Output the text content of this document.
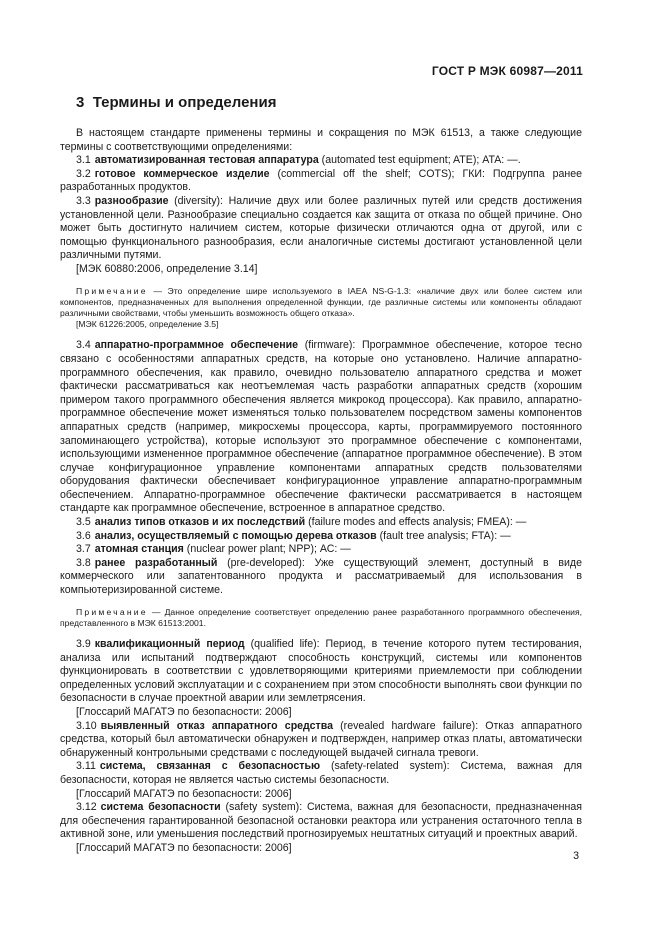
ГОСТ Р МЭК 60987—2011
3 Термины и определения

В настоящем стандарте применены термины и сокращения по МЭК 61513, а также следующие термины с соответствующими определениями:

3.1 автоматизированная тестовая аппаратура (automated test equipment; ATE); ATA: —.

3.2 готовое коммерческое изделие (commercial off the shelf; COTS); ГКИ: Подгруппа ранее разработанных продуктов.

3.3 разнообразие (diversity): Наличие двух или более различных путей или средств достижения установленной цели. Разнообразие специально создается как защита от отказа по общей причине. Оно может быть достигнуто наличием систем, которые физически отличаются одна от другой, или с помощью функционального разнообразия, если аналогичные системы достигают установленной цели различными путями.

[МЭК 60880:2006, определение 3.14]

Примечание — Это определение шире используемого в IAEA NS-G-1.3: «наличие двух или более систем или компонентов, предназначенных для выполнения определенной функции, где различные системы или компоненты обладают различными свойствами, чтобы уменьшить возможность общего отказа».

[МЭК 61226:2005, определение 3.5]

3.4 аппаратно-программное обеспечение (firmware): Программное обеспечение, которое тесно связано с особенностями аппаратных средств, на которые оно установлено. Наличие аппаратно-программного обеспечения, как правило, очевидно пользователю аппаратного средства и может фактически рассматриваться как неотъемлемая часть разработки аппаратных средств (хорошим примером такого программного обеспечения является микрокод процессора). Как правило, аппаратно-программное обеспечение может изменяться только пользователем посредством замены компонентов аппаратных средств (например, микросхемы процессора, карты, программируемого постоянного запоминающего устройства), которые используют это программное обеспечение с компонентами, использующими измененное программное обеспечение (аппаратное программное обеспечение). В этом случае конфигурационное управление компонентами аппаратных средств пользователями оборудования фактически обеспечивает конфигурационное управление аппаратно-программным обеспечением. Аппаратно-программное обеспечение фактически рассматривается в настоящем стандарте как программное обеспечение, встроенное в аппаратное средство.

3.5 анализ типов отказов и их последствий (failure modes and effects analysis; FMEA): —

3.6 анализ, осуществляемый с помощью дерева отказов (fault tree analysis; FTA): —

3.7 атомная станция (nuclear power plant; NPP); АС: —

3.8 ранее разработанный (pre-developed): Уже существующий элемент, доступный в виде коммерческого или запатентованного продукта и рассматриваемый для использования в компьютеризированной системе.

Примечание — Данное определение соответствует определению ранее разработанного программного обеспечения, представленного в МЭК 61513:2001.

3.9 квалификационный период (qualified life): Период, в течение которого путем тестирования, анализа или испытаний подтверждают способность конструкций, системы или компонентов функционировать в соответствии с удовлетворяющими критериями приемлемости при соблюдении определенных условий эксплуатации и с сохранением при этом способности выполнять свои функции по безопасности в случае проектной аварии или землетрясения.

[Глоссарий МАГАТЭ по безопасности: 2006]

3.10 выявленный отказ аппаратного средства (revealed hardware failure): Отказ аппаратного средства, который был автоматически обнаружен и подтвержден, например отказ платы, автоматически обнаруженный контрольными средствами с последующей выдачей сигнала тревоги.

3.11 система, связанная с безопасностью (safety-related system): Система, важная для безопасности, которая не является частью системы безопасности.

[Глоссарий МАГАТЭ по безопасности: 2006]

3.12 система безопасности (safety system): Система, важная для безопасности, предназначенная для обеспечения гарантированной безопасной остановки реактора или устранения остаточного тепла в активной зоне, или уменьшения последствий прогнозируемых нештатных ситуаций и проектных аварий.

[Глоссарий МАГАТЭ по безопасности: 2006]

3
